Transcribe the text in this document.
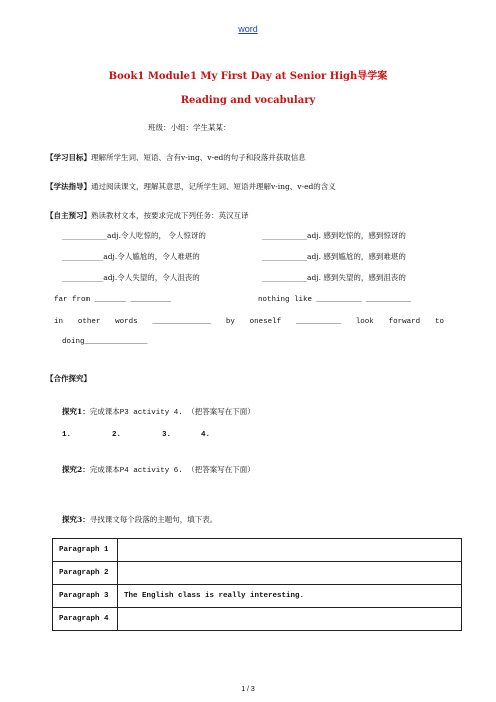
word
Book1 Module1 My First Day at Senior High导学案
Reading and vocabulary
班级：小组：学生某某：
【学习目标】理解所学生词、短语、含有v-ing、v-ed的句子和段落并获取信息
【学法指导】通过阅读课文，理解其意思，记所学生词、短语并理解v-ing、v-ed的含义
【自主预习】熟读教材文本，按要求完成下列任务：英汉互译
____________adj.令人吃惊的， 令人惊讶的	____________adj. 感到吃惊的，感到惊讶的
___________adj.令人尴尬的，令人难堪的	____________adj. 感到尴尬的，感到难堪的
___________adj.令人失望的，令人沮丧的	____________adj. 感到失望的，感到沮丧的
far from _______ _________	nothing like __________ __________
in other words _____________ by oneself __________ look forward to
doing______________
【合作探究】
探究1：完成课本P3 activity 4. （把答案写在下面）
1.	2.	3.	4.
探究2：完成课本P4 activity 6. （把答案写在下面）
探究3：寻找课文每个段落的主题句，填下表。
Paragraph 1	
Paragraph 2	
Paragraph 3	The English class is really interesting.
Paragraph 4	
1 / 3
